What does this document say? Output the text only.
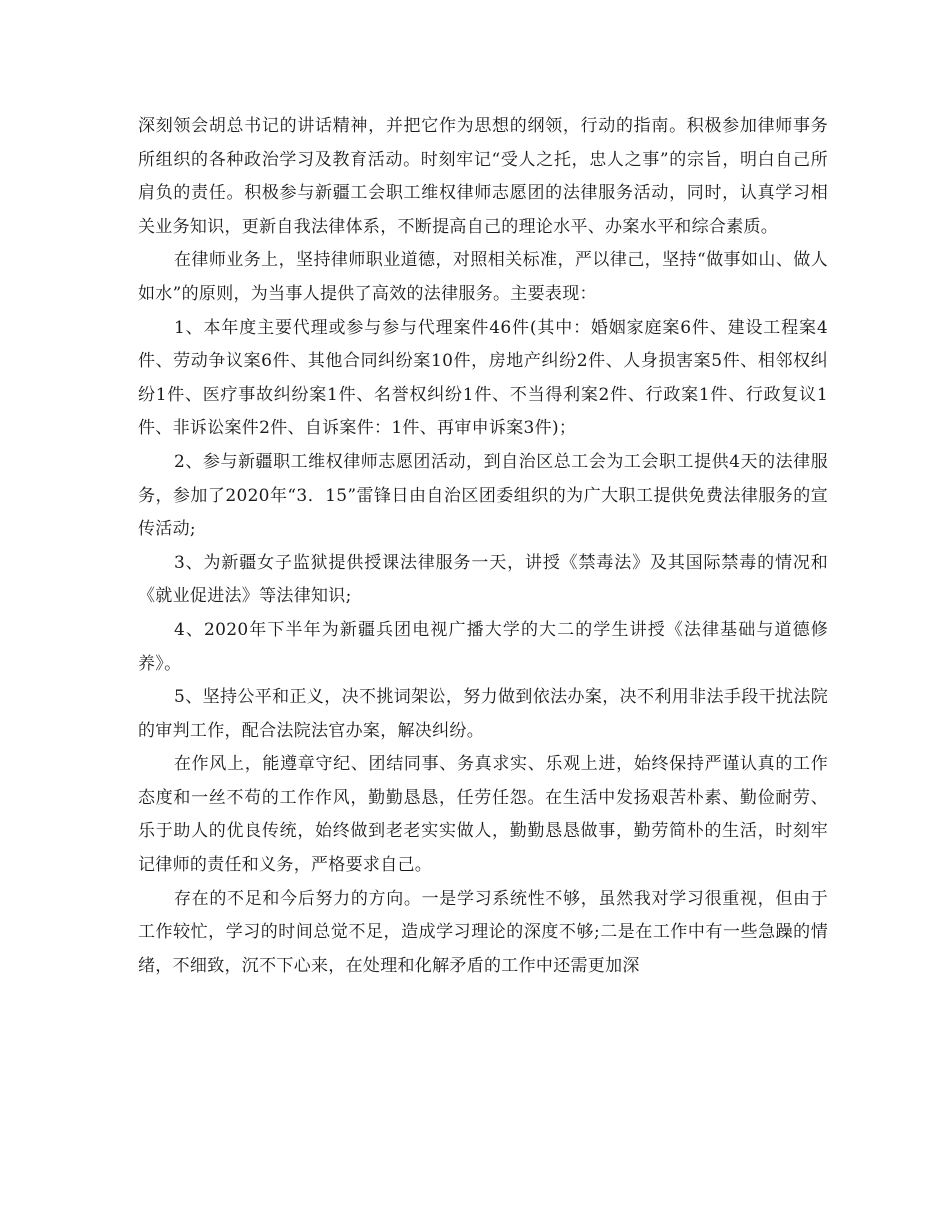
深刻领会胡总书记的讲话精神，并把它作为思想的纲领，行动的指南。积极参加律师事务所组织的各种政治学习及教育活动。时刻牢记“受人之托，忠人之事”的宗旨，明白自己所肩负的责任。积极参与新疆工会职工维权律师志愿团的法律服务活动，同时，认真学习相关业务知识，更新自我法律体系，不断提高自己的理论水平、办案水平和综合素质。

在律师业务上，坚持律师职业道德，对照相关标准，严以律己，坚持“做事如山、做人如水”的原则，为当事人提供了高效的法律服务。主要表现：

1、本年度主要代理或参与参与代理案件46件(其中：婚姻家庭案6件、建设工程案4件、劳动争议案6件、其他合同纠纷案10件，房地产纠纷2件、人身损害案5件、相邻权纠纷1件、医疗事故纠纷案1件、名誉权纠纷1件、不当得利案2件、行政案1件、行政复议1件、非诉讼案件2件、自诉案件：1件、再审申诉案3件)；

2、参与新疆职工维权律师志愿团活动，到自治区总工会为工会职工提供4天的法律服务，参加了2020年“3．15”雷锋日由自治区团委组织的为广大职工提供免费法律服务的宣传活动;

3、为新疆女子监狱提供授课法律服务一天，讲授《禁毒法》及其国际禁毒的情况和《就业促进法》等法律知识;

4、2020年下半年为新疆兵团电视广播大学的大二的学生讲授《法律基础与道德修养》。

5、坚持公平和正义，决不挑词架讼，努力做到依法办案，决不利用非法手段干扰法院的审判工作，配合法院法官办案，解决纠纷。

在作风上，能遵章守纪、团结同事、务真求实、乐观上进，始终保持严谨认真的工作态度和一丝不苟的工作作风，勤勤恳恳，任劳任怨。在生活中发扬艰苦朴素、勤俭耐劳、乐于助人的优良传统，始终做到老老实实做人，勤勤恳恳做事，勤劳简朴的生活，时刻牢记律师的责任和义务，严格要求自己。

存在的不足和今后努力的方向。一是学习系统性不够，虽然我对学习很重视，但由于工作较忙，学习的时间总觉不足，造成学习理论的深度不够;二是在工作中有一些急躁的情绪，不细致，沉不下心来，在处理和化解矛盾的工作中还需更加深
